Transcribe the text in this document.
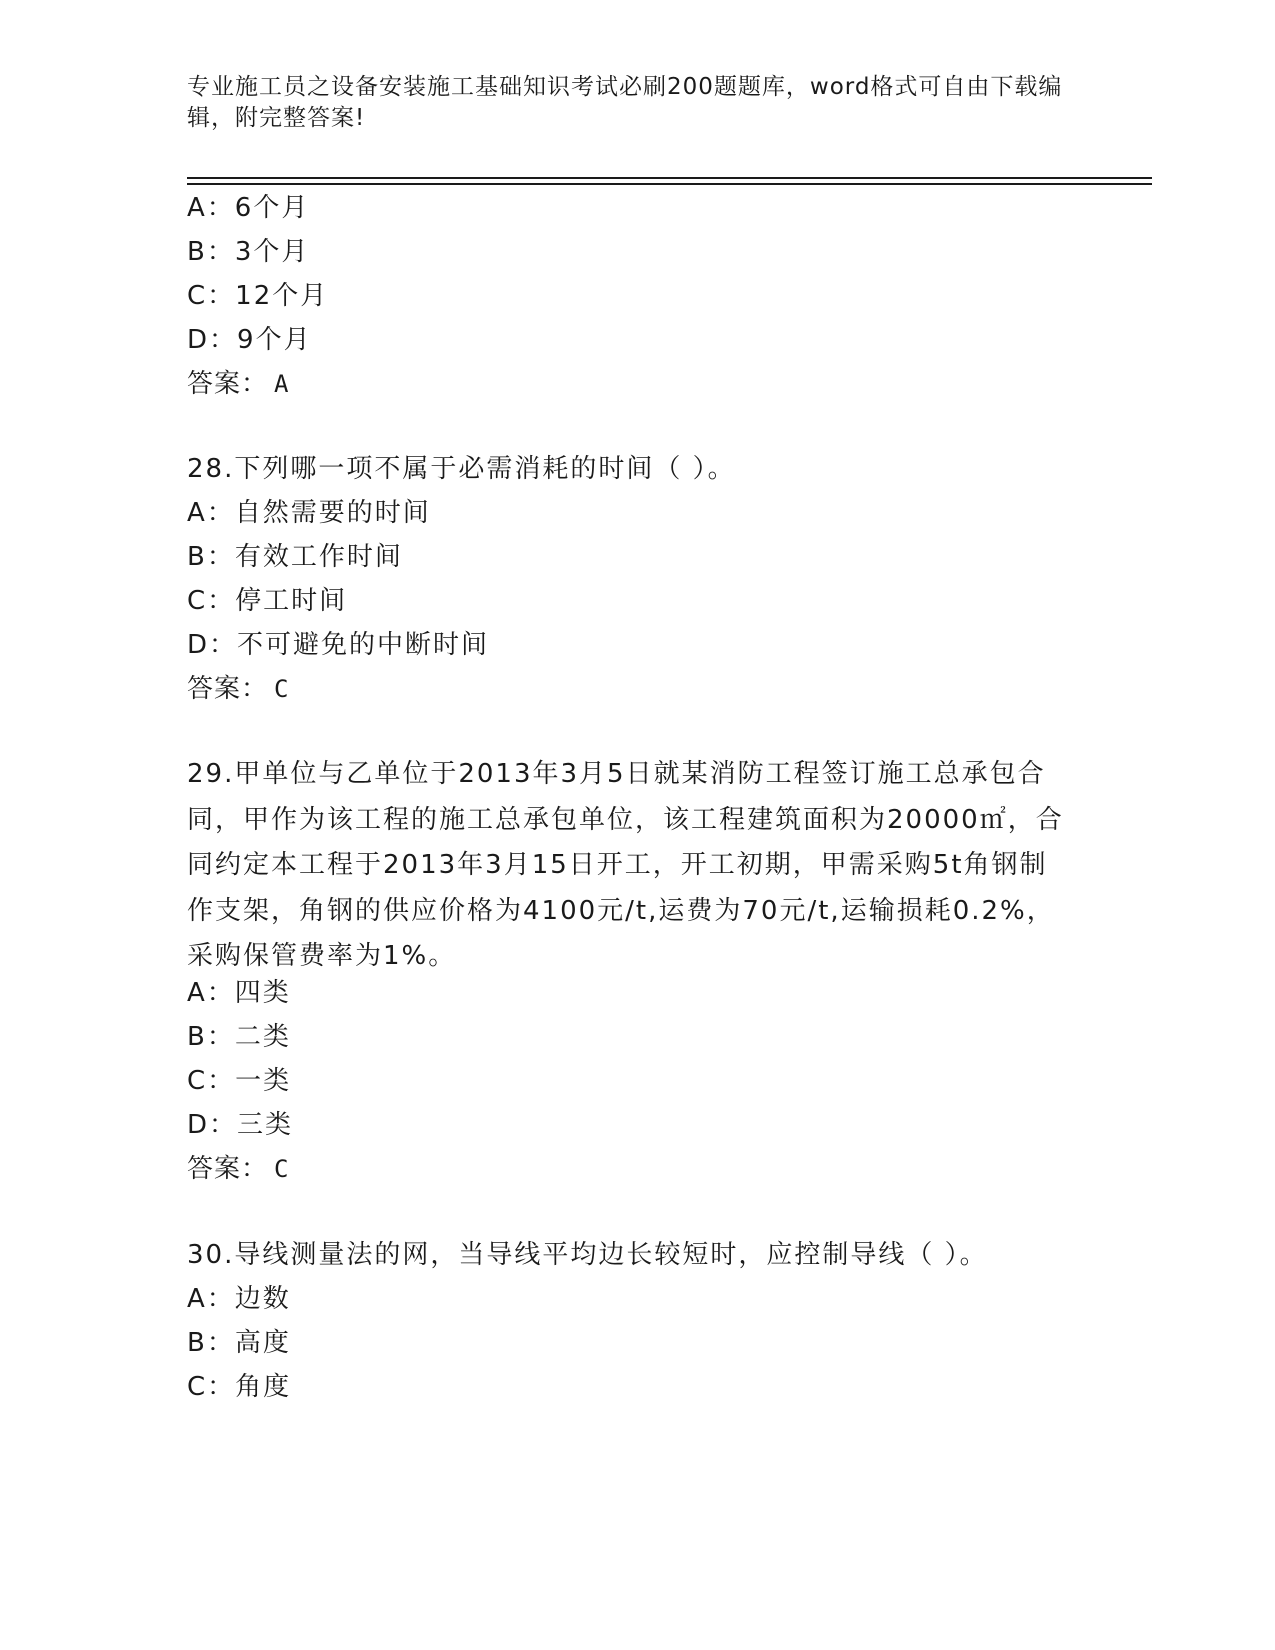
专业施工员之设备安装施工基础知识考试必刷200题题库，word格式可自由下载编辑，附完整答案!
A：6个月
B：3个月
C：12个月
D：9个月
答案： A
28.下列哪一项不属于必需消耗的时间（ ）。
A：自然需要的时间
B：有效工作时间
C：停工时间
D：不可避免的中断时间
答案： C
29.甲单位与乙单位于2013年3月5日就某消防工程签订施工总承包合同，甲作为该工程的施工总承包单位，该工程建筑面积为20000㎡，合同约定本工程于2013年3月15日开工，开工初期，甲需采购5t角钢制作支架，角钢的供应价格为4100元/t,运费为70元/t,运输损耗0.2%，采购保管费率为1%。
A：四类
B：二类
C：一类
D：三类
答案： C
30.导线测量法的网，当导线平均边长较短时，应控制导线（ ）。
A：边数
B：高度
C：角度
